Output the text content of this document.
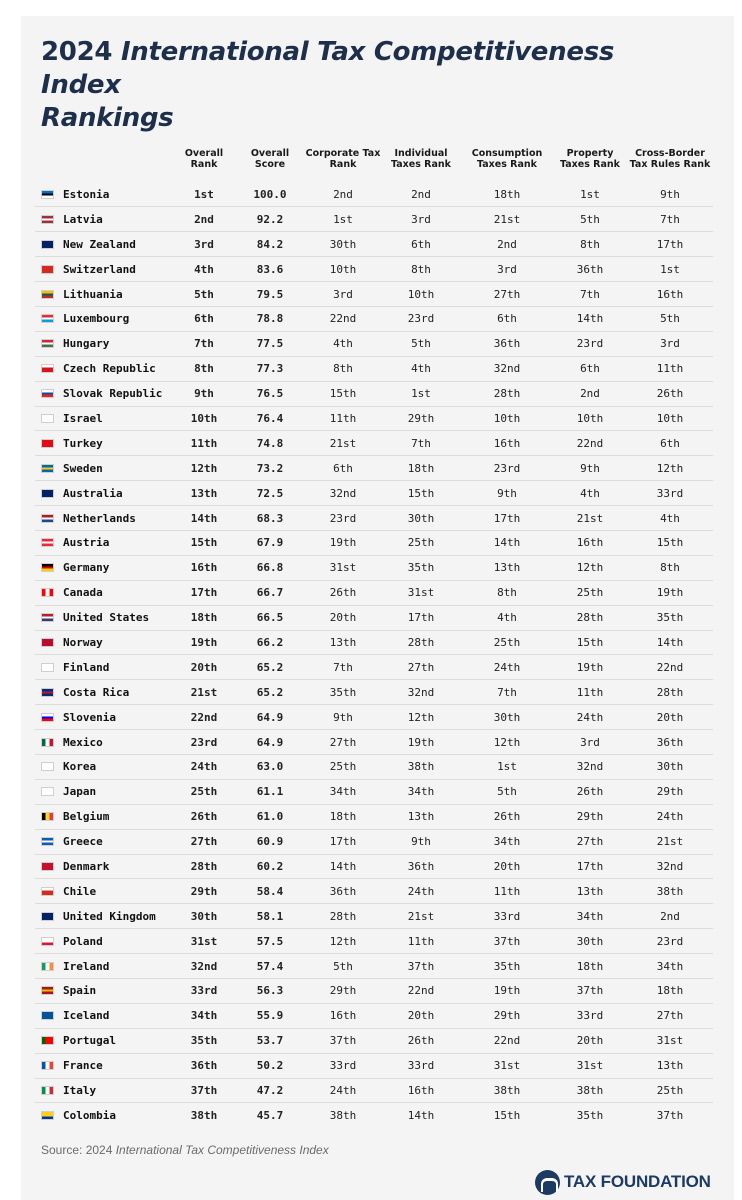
2024 International Tax Competitiveness Index
Rankings
	Overall Rank	Overall Score	Corporate Tax Rank	Individual Taxes Rank	Consumption Taxes Rank	Property Taxes Rank	Cross-Border Tax Rules Rank
Estonia	1st	100.0	2nd	2nd	18th	1st	9th
Latvia	2nd	92.2	1st	3rd	21st	5th	7th
New Zealand	3rd	84.2	30th	6th	2nd	8th	17th
Switzerland	4th	83.6	10th	8th	3rd	36th	1st
Lithuania	5th	79.5	3rd	10th	27th	7th	16th
Luxembourg	6th	78.8	22nd	23rd	6th	14th	5th
Hungary	7th	77.5	4th	5th	36th	23rd	3rd
Czech Republic	8th	77.3	8th	4th	32nd	6th	11th
Slovak Republic	9th	76.5	15th	1st	28th	2nd	26th
Israel	10th	76.4	11th	29th	10th	10th	10th
Turkey	11th	74.8	21st	7th	16th	22nd	6th
Sweden	12th	73.2	6th	18th	23rd	9th	12th
Australia	13th	72.5	32nd	15th	9th	4th	33rd
Netherlands	14th	68.3	23rd	30th	17th	21st	4th
Austria	15th	67.9	19th	25th	14th	16th	15th
Germany	16th	66.8	31st	35th	13th	12th	8th
Canada	17th	66.7	26th	31st	8th	25th	19th
United States	18th	66.5	20th	17th	4th	28th	35th
Norway	19th	66.2	13th	28th	25th	15th	14th
Finland	20th	65.2	7th	27th	24th	19th	22nd
Costa Rica	21st	65.2	35th	32nd	7th	11th	28th
Slovenia	22nd	64.9	9th	12th	30th	24th	20th
Mexico	23rd	64.9	27th	19th	12th	3rd	36th
Korea	24th	63.0	25th	38th	1st	32nd	30th
Japan	25th	61.1	34th	34th	5th	26th	29th
Belgium	26th	61.0	18th	13th	26th	29th	24th
Greece	27th	60.9	17th	9th	34th	27th	21st
Denmark	28th	60.2	14th	36th	20th	17th	32nd
Chile	29th	58.4	36th	24th	11th	13th	38th
United Kingdom	30th	58.1	28th	21st	33rd	34th	2nd
Poland	31st	57.5	12th	11th	37th	30th	23rd
Ireland	32nd	57.4	5th	37th	35th	18th	34th
Spain	33rd	56.3	29th	22nd	19th	37th	18th
Iceland	34th	55.9	16th	20th	29th	33rd	27th
Portugal	35th	53.7	37th	26th	22nd	20th	31st
France	36th	50.2	33rd	33rd	31st	31st	13th
Italy	37th	47.2	24th	16th	38th	38th	25th
Colombia	38th	45.7	38th	14th	15th	35th	37th
Source: 2024 International Tax Competitiveness Index
TAX FOUNDATION
